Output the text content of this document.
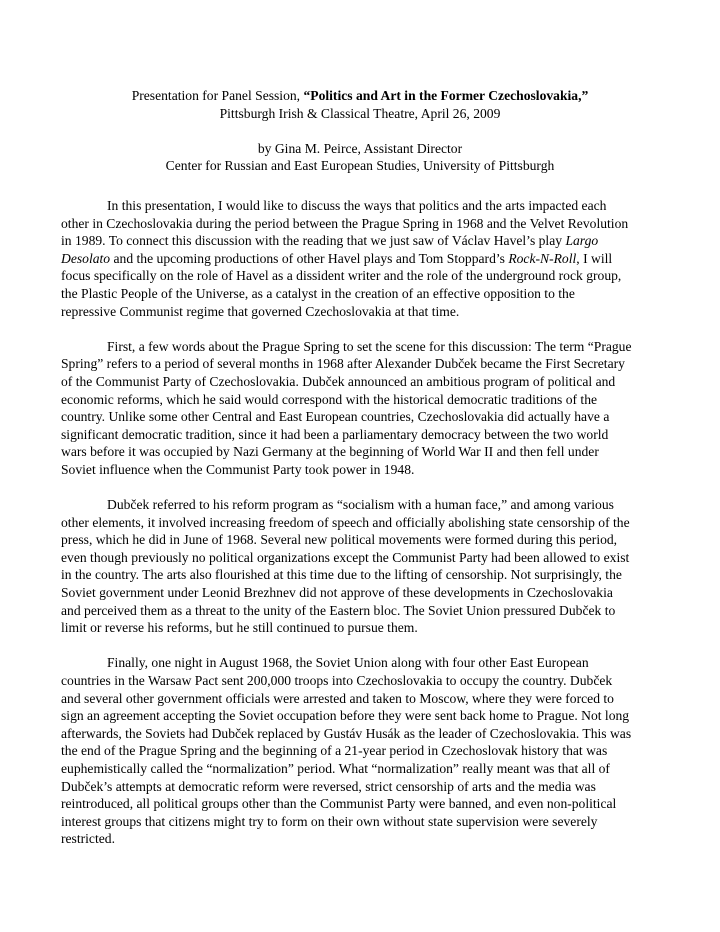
Presentation for Panel Session, “Politics and Art in the Former Czechoslovakia,”
Pittsburgh Irish & Classical Theatre, April 26, 2009
by Gina M. Peirce, Assistant Director
Center for Russian and East European Studies, University of Pittsburgh
In this presentation, I would like to discuss the ways that politics and the arts impacted each
other in Czechoslovakia during the period between the Prague Spring in 1968 and the Velvet Revolution
in 1989. To connect this discussion with the reading that we just saw of Václav Havel’s play Largo
Desolato and the upcoming productions of other Havel plays and Tom Stoppard’s Rock-N-Roll, I will
focus specifically on the role of Havel as a dissident writer and the role of the underground rock group,
the Plastic People of the Universe, as a catalyst in the creation of an effective opposition to the
repressive Communist regime that governed Czechoslovakia at that time.
First, a few words about the Prague Spring to set the scene for this discussion: The term “Prague
Spring” refers to a period of several months in 1968 after Alexander Dubček became the First Secretary
of the Communist Party of Czechoslovakia. Dubček announced an ambitious program of political and
economic reforms, which he said would correspond with the historical democratic traditions of the
country. Unlike some other Central and East European countries, Czechoslovakia did actually have a
significant democratic tradition, since it had been a parliamentary democracy between the two world
wars before it was occupied by Nazi Germany at the beginning of World War II and then fell under
Soviet influence when the Communist Party took power in 1948.
Dubček referred to his reform program as “socialism with a human face,” and among various
other elements, it involved increasing freedom of speech and officially abolishing state censorship of the
press, which he did in June of 1968. Several new political movements were formed during this period,
even though previously no political organizations except the Communist Party had been allowed to exist
in the country. The arts also flourished at this time due to the lifting of censorship. Not surprisingly, the
Soviet government under Leonid Brezhnev did not approve of these developments in Czechoslovakia
and perceived them as a threat to the unity of the Eastern bloc. The Soviet Union pressured Dubček to
limit or reverse his reforms, but he still continued to pursue them.
Finally, one night in August 1968, the Soviet Union along with four other East European
countries in the Warsaw Pact sent 200,000 troops into Czechoslovakia to occupy the country. Dubček
and several other government officials were arrested and taken to Moscow, where they were forced to
sign an agreement accepting the Soviet occupation before they were sent back home to Prague. Not long
afterwards, the Soviets had Dubček replaced by Gustáv Husák as the leader of Czechoslovakia. This was
the end of the Prague Spring and the beginning of a 21-year period in Czechoslovak history that was
euphemistically called the “normalization” period. What “normalization” really meant was that all of
Dubček’s attempts at democratic reform were reversed, strict censorship of arts and the media was
reintroduced, all political groups other than the Communist Party were banned, and even non-political
interest groups that citizens might try to form on their own without state supervision were severely
restricted.
